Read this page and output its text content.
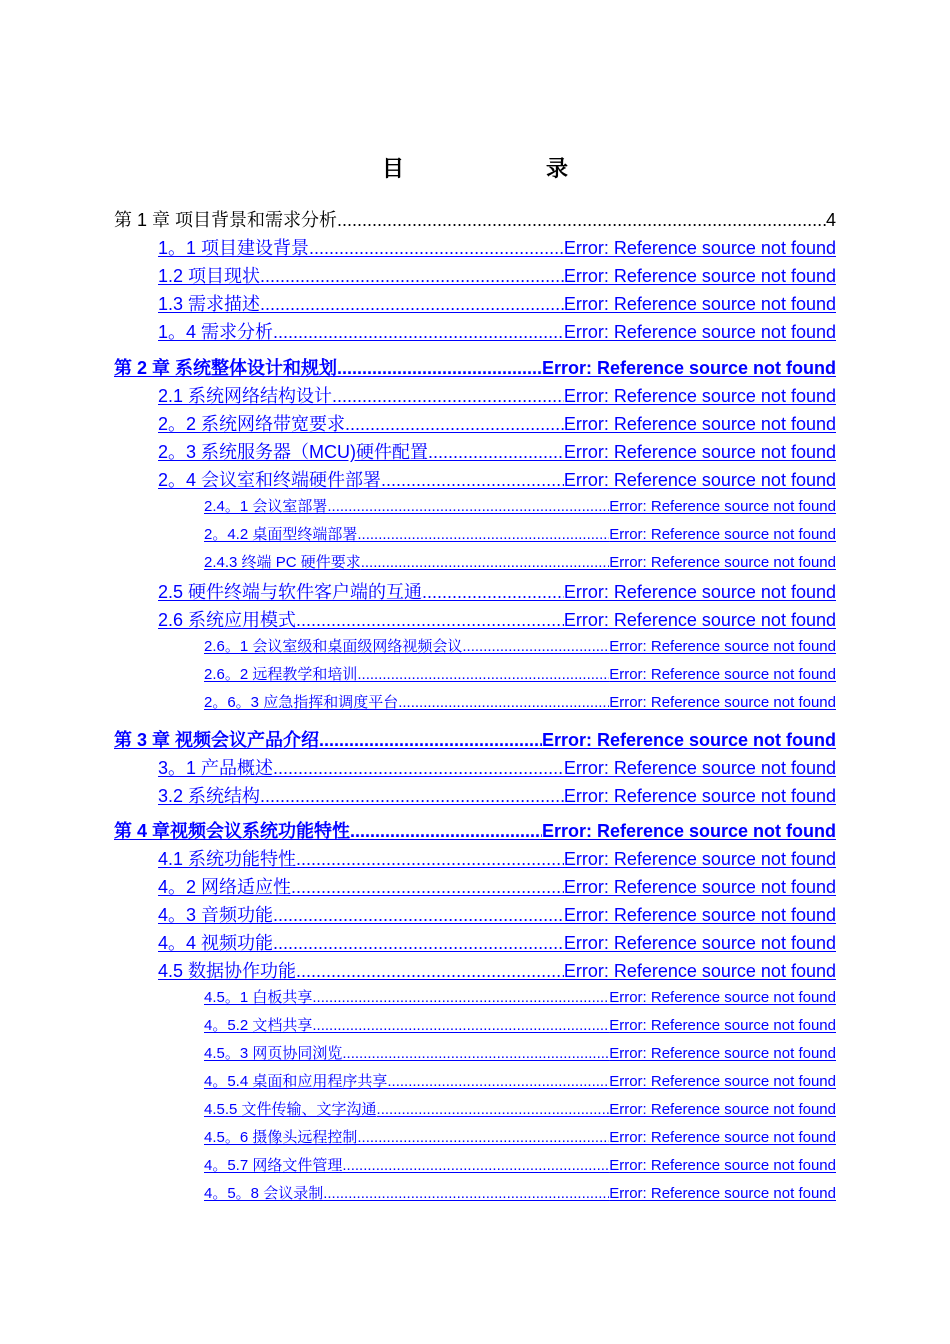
目　录
第 1 章 项目背景和需求分析 .....	4
1。1 项目建设背景 .....	Error: Reference source not found
1.2 项目现状 .....	Error: Reference source not found
1.3 需求描述 .....	Error: Reference source not found
1。4 需求分析 .....	Error: Reference source not found
第 2 章 系统整体设计和规划 .....	Error: Reference source not found
2.1 系统网络结构设计 .....	Error: Reference source not found
2。2 系统网络带宽要求 .....	Error: Reference source not found
2。3 系统服务器（MCU)硬件配置 .....	Error: Reference source not found
2。4 会议室和终端硬件部署 .....	Error: Reference source not found
2.4。1 会议室部署 .....	Error: Reference source not found
2。4.2 桌面型终端部署 .....	Error: Reference source not found
2.4.3 终端 PC 硬件要求 .....	Error: Reference source not found
2.5 硬件终端与软件客户端的互通 .....	Error: Reference source not found
2.6 系统应用模式 .....	Error: Reference source not found
2.6。1 会议室级和桌面级网络视频会议 .....	Error: Reference source not found
2.6。2 远程教学和培训 .....	Error: Reference source not found
2。6。3 应急指挥和调度平台 .....	Error: Reference source not found
第 3 章 视频会议产品介绍 .....	Error: Reference source not found
3。1 产品概述 .....	Error: Reference source not found
3.2 系统结构 .....	Error: Reference source not found
第 4 章视频会议系统功能特性 .....	Error: Reference source not found
4.1 系统功能特性 .....	Error: Reference source not found
4。2 网络适应性 .....	Error: Reference source not found
4。3 音频功能 .....	Error: Reference source not found
4。4 视频功能 .....	Error: Reference source not found
4.5 数据协作功能 .....	Error: Reference source not found
4.5。1 白板共享 .....	Error: Reference source not found
4。5.2 文档共享 .....	Error: Reference source not found
4.5。3 网页协同浏览 .....	Error: Reference source not found
4。5.4 桌面和应用程序共享 .....	Error: Reference source not found
4.5.5 文件传输、文字沟通 .....	Error: Reference source not found
4.5。6 摄像头远程控制 .....	Error: Reference source not found
4。5.7 网络文件管理 .....	Error: Reference source not found
4。5。8 会议录制 .....	Error: Reference source not found
